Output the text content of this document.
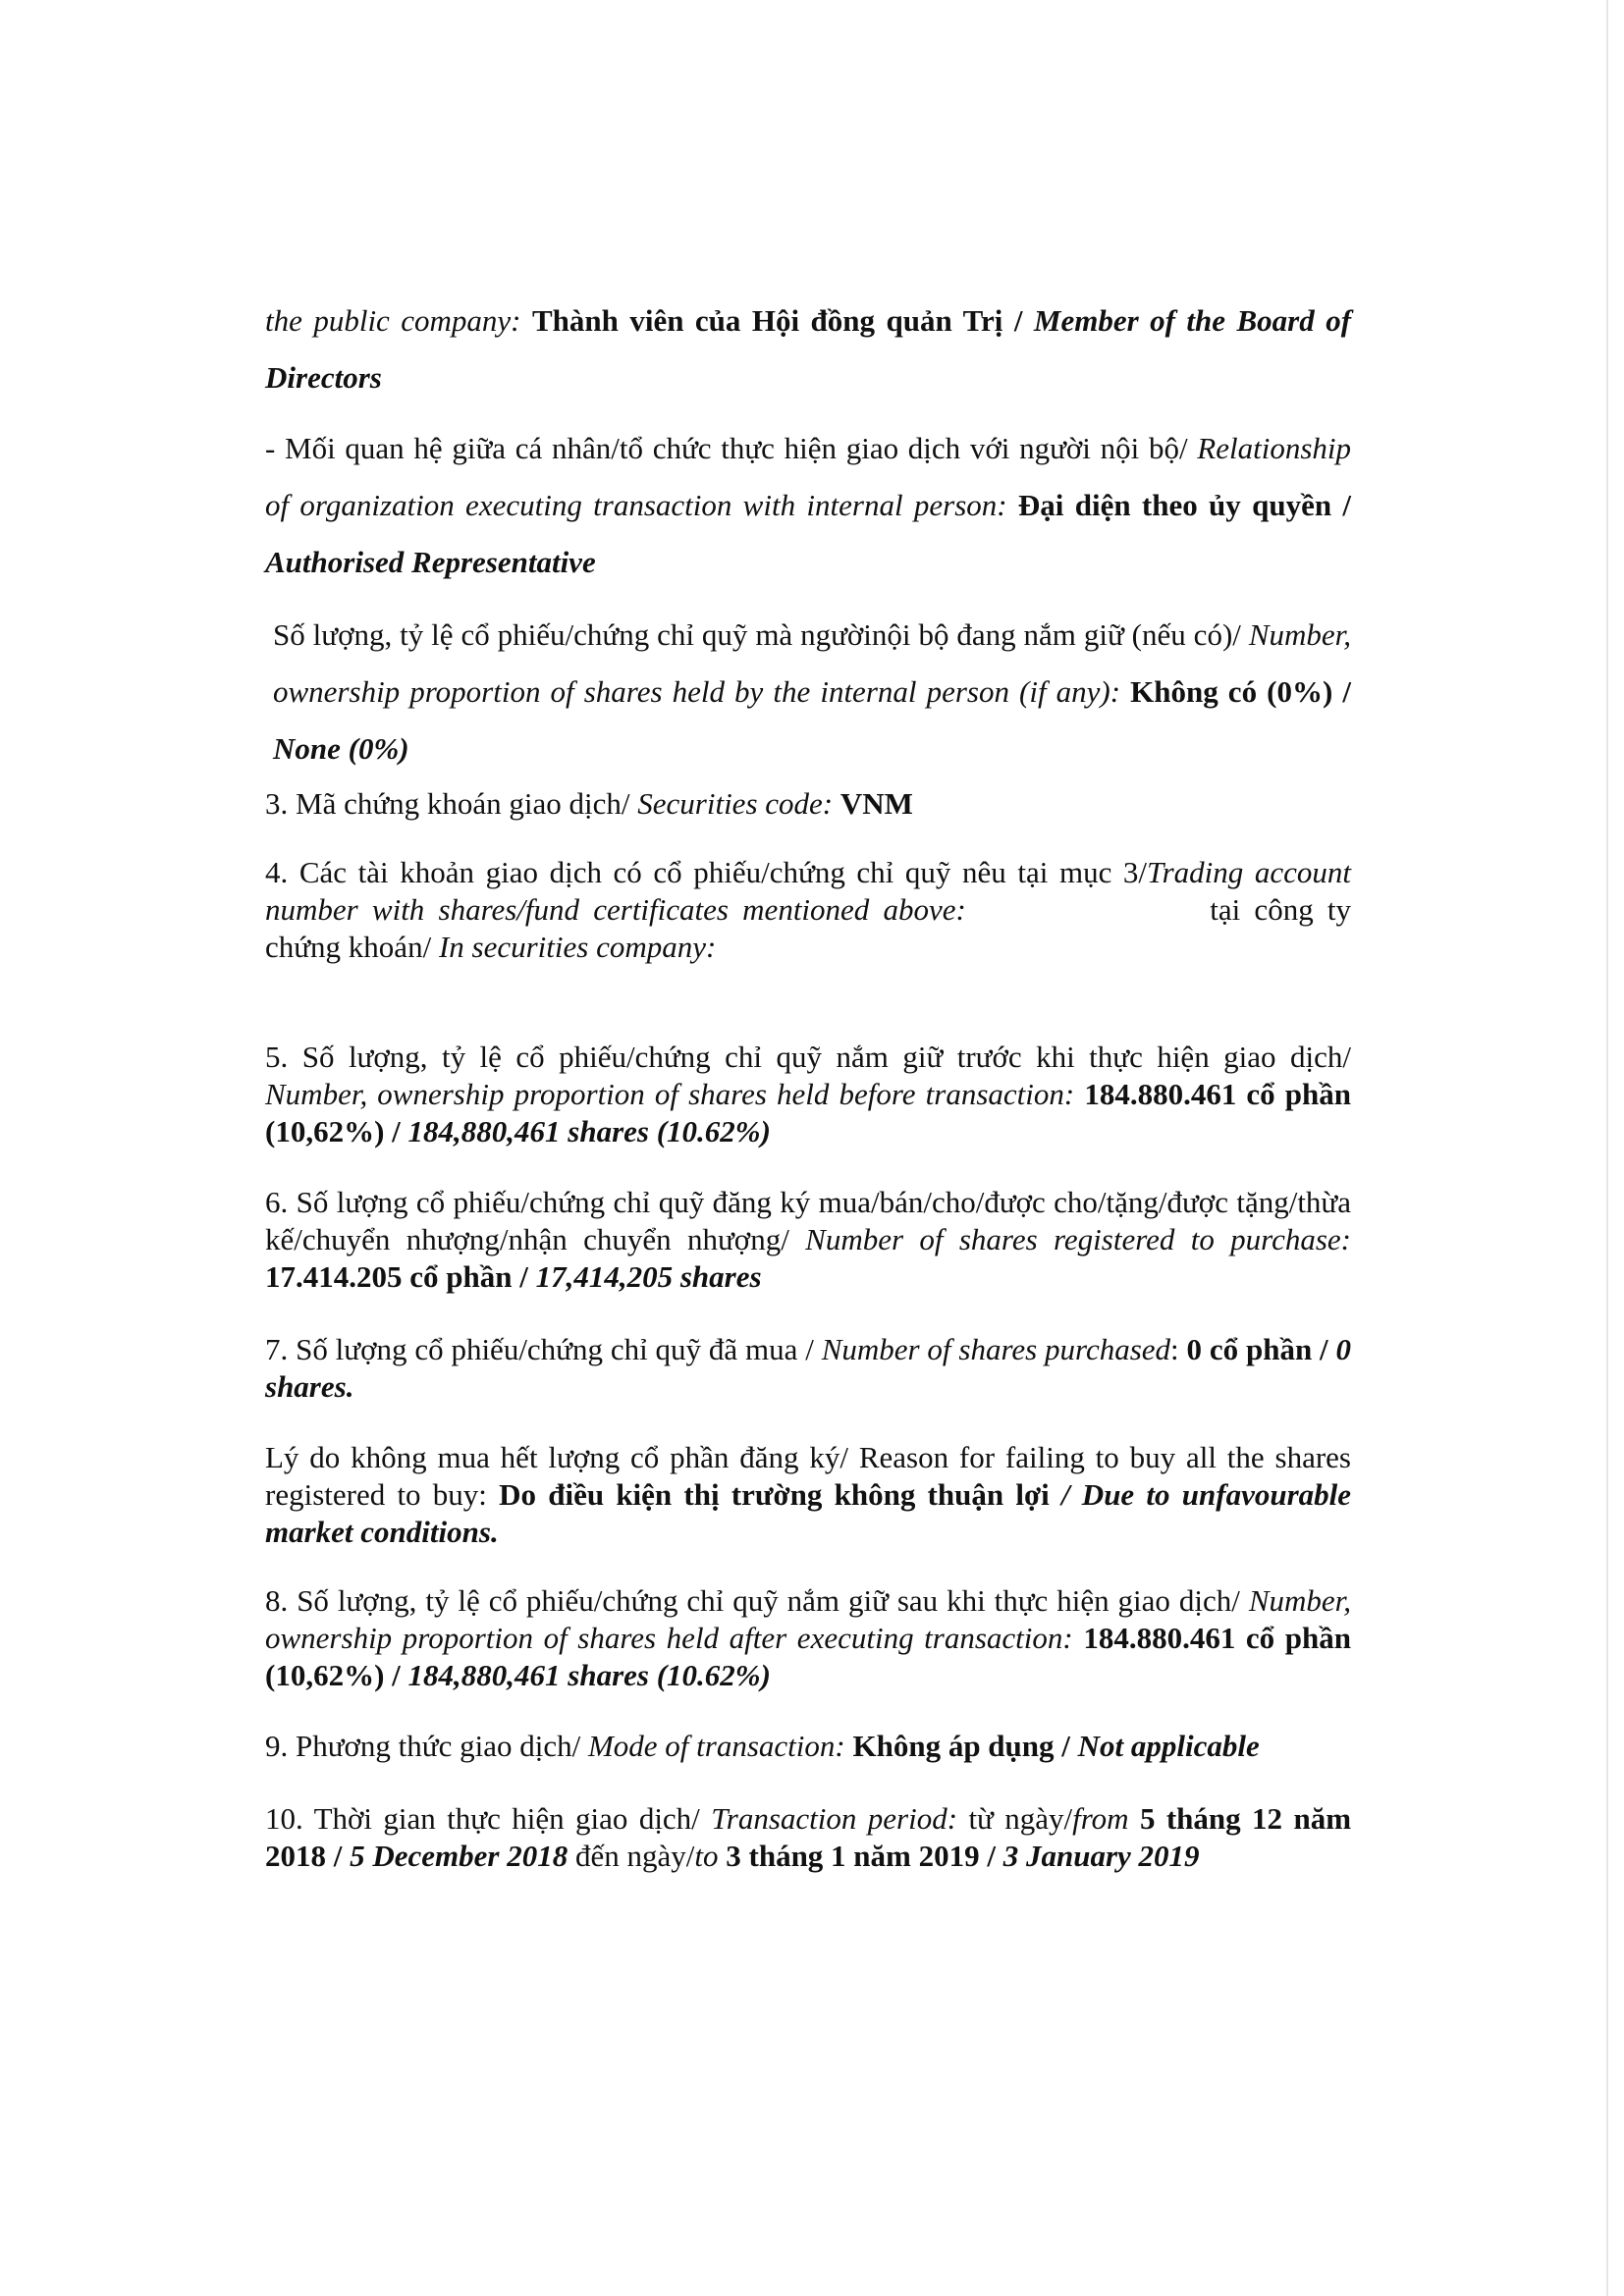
the public company: Thành viên của Hội đồng quản Trị / Member of the Board of Directors

- Mối quan hệ giữa cá nhân/tổ chức thực hiện giao dịch với người nội bộ/ Relationship of organization executing transaction with internal person: Đại diện theo ủy quyền / Authorised Representative

Số lượng, tỷ lệ cổ phiếu/chứng chỉ quỹ mà ngườinội bộ đang nắm giữ (nếu có)/ Number, ownership proportion of shares held by the internal person (if any): Không có (0%) / None (0%)

3. Mã chứng khoán giao dịch/ Securities code: VNM

4. Các tài khoản giao dịch có cổ phiếu/chứng chỉ quỹ nêu tại mục 3/Trading account number with shares/fund certificates mentioned above:	tại công ty chứng khoán/ In securities company:

5. Số lượng, tỷ lệ cổ phiếu/chứng chỉ quỹ nắm giữ trước khi thực hiện giao dịch/ Number, ownership proportion of shares held before transaction: 184.880.461 cổ phần (10,62%) / 184,880,461 shares (10.62%)

6. Số lượng cổ phiếu/chứng chỉ quỹ đăng ký mua/bán/cho/được cho/tặng/được tặng/thừa kế/chuyển nhượng/nhận chuyển nhượng/ Number of shares registered to purchase: 17.414.205 cổ phần / 17,414,205 shares

7. Số lượng cổ phiếu/chứng chỉ quỹ đã mua / Number of shares purchased: 0 cổ phần / 0 shares.

Lý do không mua hết lượng cổ phần đăng ký/ Reason for failing to buy all the shares registered to buy: Do điều kiện thị trường không thuận lợi / Due to unfavourable market conditions.

8. Số lượng, tỷ lệ cổ phiếu/chứng chỉ quỹ nắm giữ sau khi thực hiện giao dịch/ Number, ownership proportion of shares held after executing transaction: 184.880.461 cổ phần (10,62%) / 184,880,461 shares (10.62%)

9. Phương thức giao dịch/ Mode of transaction: Không áp dụng / Not applicable

10. Thời gian thực hiện giao dịch/ Transaction period: từ ngày/from 5 tháng 12 năm 2018 / 5 December 2018 đến ngày/to 3 tháng 1 năm 2019 / 3 January 2019
